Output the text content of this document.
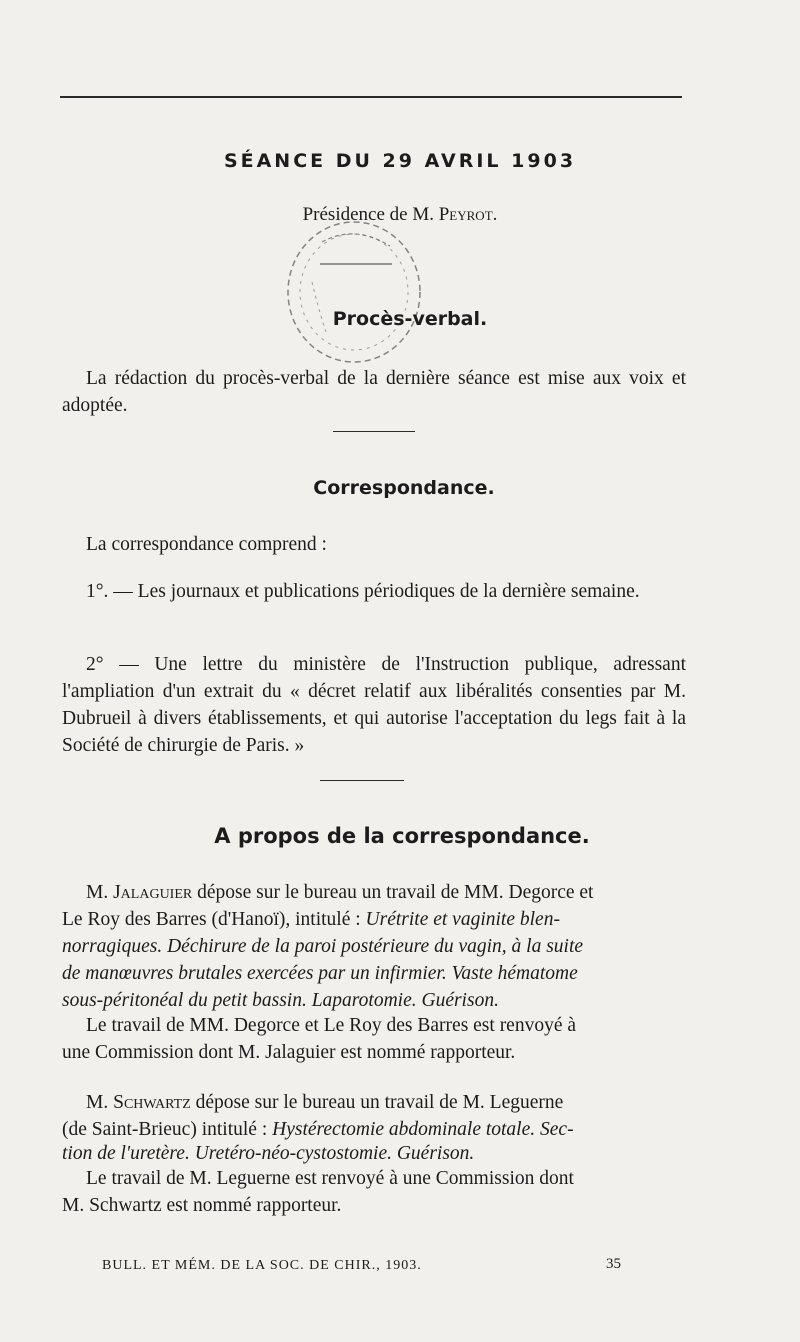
SÉANCE DU 29 AVRIL 1903
Présidence de M. Peyrot.
Procès-verbal.
La rédaction du procès-verbal de la dernière séance est mise aux voix et adoptée.
Correspondance.
La correspondance comprend :
1°. — Les journaux et publications périodiques de la dernière semaine.
2° — Une lettre du ministère de l'Instruction publique, adressant l'ampliation d'un extrait du « décret relatif aux libéralités consenties par M. Dubrueil à divers établissements, et qui autorise l'acceptation du legs fait à la Société de chirurgie de Paris. »
A propos de la correspondance.
M. Jalaguier dépose sur le bureau un travail de MM. Degorce et
Le Roy des Barres (d'Hanoï), intitulé : Urétrite et vaginite blen-
norragiques. Déchirure de la paroi postérieure du vagin, à la suite
de manœuvres brutales exercées par un infirmier. Vaste hématome
sous-péritonéal du petit bassin. Laparotomie. Guérison.
Le travail de MM. Degorce et Le Roy des Barres est renvoyé à
une Commission dont M. Jalaguier est nommé rapporteur.
M. Schwartz dépose sur le bureau un travail de M. Leguerne
(de Saint-Brieuc) intitulé : Hystérectomie abdominale totale. Sec-
tion de l'uretère. Uretéro-néo-cystostomie. Guérison.
Le travail de M. Leguerne est renvoyé à une Commission dont
M. Schwartz est nommé rapporteur.
BULL. ET MÉM. DE LA SOC. DE CHIR., 1903.	35
